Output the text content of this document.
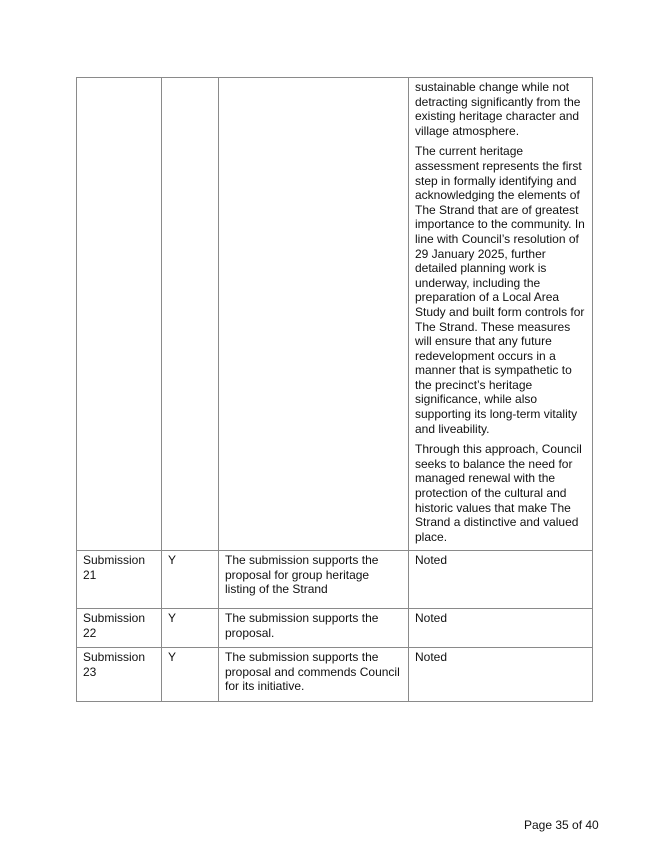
			sustainable change while not detracting significantly from the existing heritage character and village atmosphere.

The current heritage assessment represents the first step in formally identifying and acknowledging the elements of The Strand that are of greatest importance to the community. In line with Council’s resolution of 29 January 2025, further detailed planning work is underway, including the preparation of a Local Area Study and built form controls for The Strand. These measures will ensure that any future redevelopment occurs in a manner that is sympathetic to the precinct’s heritage significance, while also supporting its long-term vitality and liveability.

Through this approach, Council seeks to balance the need for managed renewal with the protection of the cultural and historic values that make The Strand a distinctive and valued place.

Submission 21	Y	The submission supports the proposal for group heritage listing of the Strand	Noted
Submission 22	Y	The submission supports the proposal.	Noted
Submission 23	Y	The submission supports the proposal and commends Council for its initiative.	Noted
Page 35 of 40
